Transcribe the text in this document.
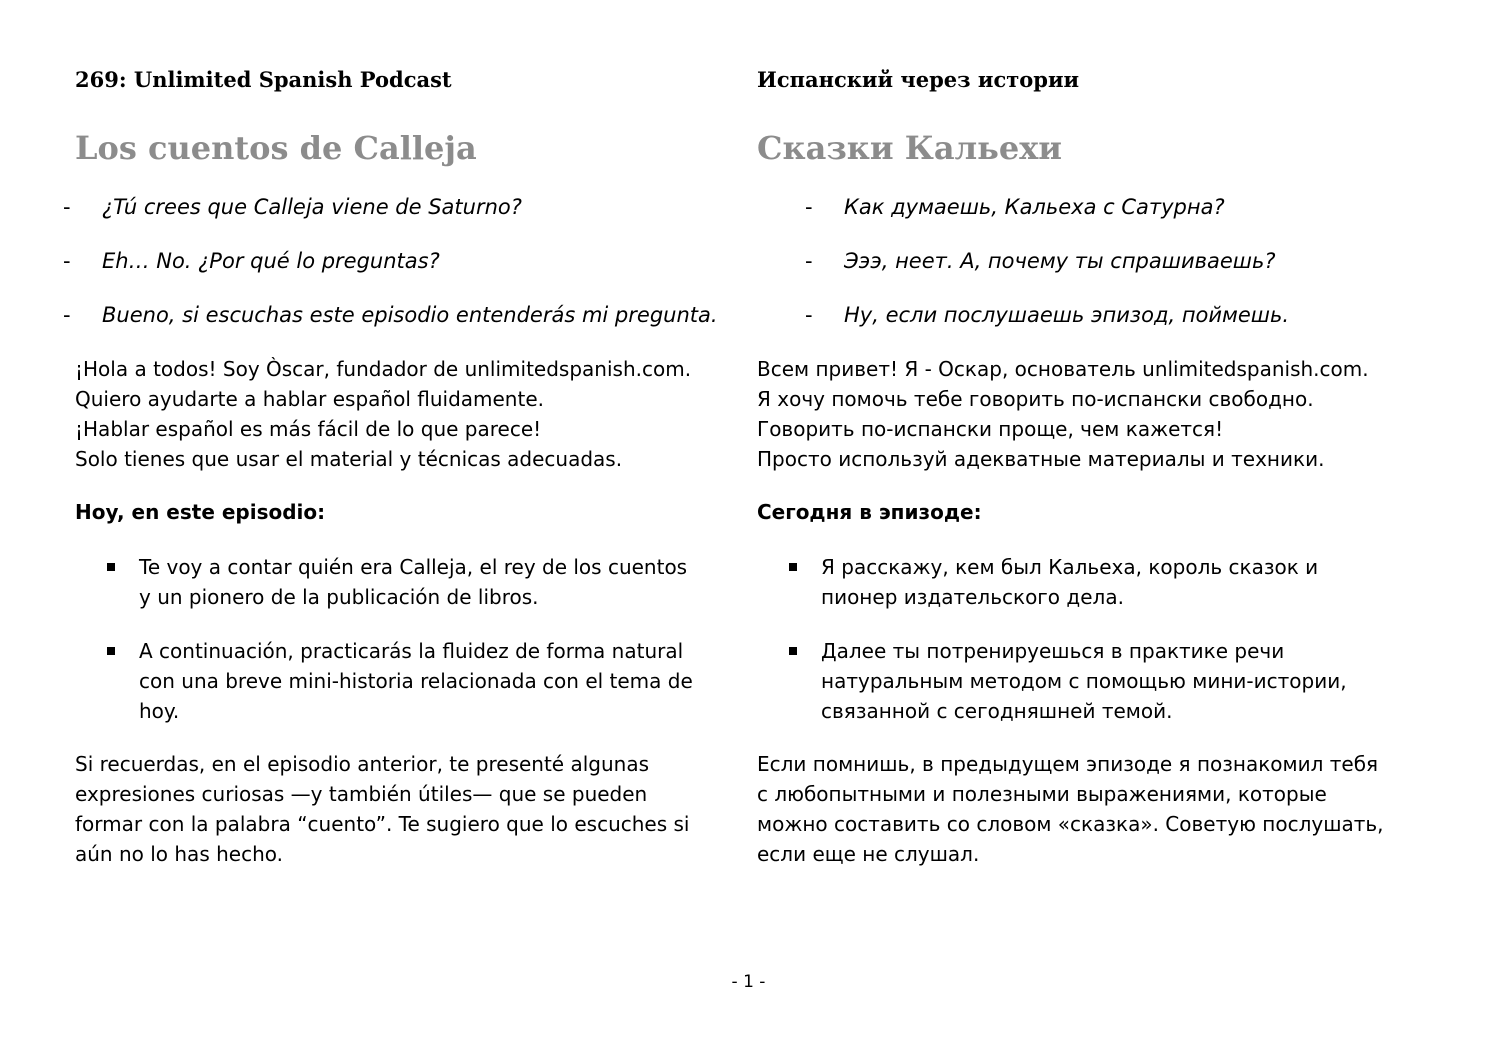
269: Unlimited Spanish Podcast
Los cuentos de Calleja
- ¿Tú crees que Calleja viene de Saturno?
- Eh… No. ¿Por qué lo preguntas?
- Bueno, si escuchas este episodio entenderás mi pregunta.
¡Hola a todos! Soy Òscar, fundador de unlimitedspanish.com.
Quiero ayudarte a hablar español fluidamente.
¡Hablar español es más fácil de lo que parece!
Solo tienes que usar el material y técnicas adecuadas.
Hoy, en este episodio:
Te voy a contar quién era Calleja, el rey de los cuentos
y un pionero de la publicación de libros.
A continuación, practicarás la fluidez de forma natural
con una breve mini-historia relacionada con el tema de
hoy.
Si recuerdas, en el episodio anterior, te presenté algunas
expresiones curiosas —y también útiles— que se pueden
formar con la palabra “cuento”. Te sugiero que lo escuches si
aún no lo has hecho.
Испанский через истории
Сказки Кальехи
- Как думаешь, Кальеха с Сатурна?
- Эээ, неет. А, почему ты спрашиваешь?
- Ну, если послушаешь эпизод, поймешь.
Всем привет! Я - Оскар, основатель unlimitedspanish.com.
Я хочу помочь тебе говорить по-испански свободно.
Говорить по-испански проще, чем кажется!
Просто используй адекватные материалы и техники.
Сегодня в эпизоде:
Я расскажу, кем был Кальеха, король сказок и
пионер издательского дела.
Далее ты потренируешься в практике речи
натуральным методом с помощью мини-истории,
связанной с сегодняшней темой.
Если помнишь, в предыдущем эпизоде я познакомил тебя
с любопытными и полезными выражениями, которые
можно составить со словом «сказка». Советую послушать,
если еще не слушал.
- 1 -
